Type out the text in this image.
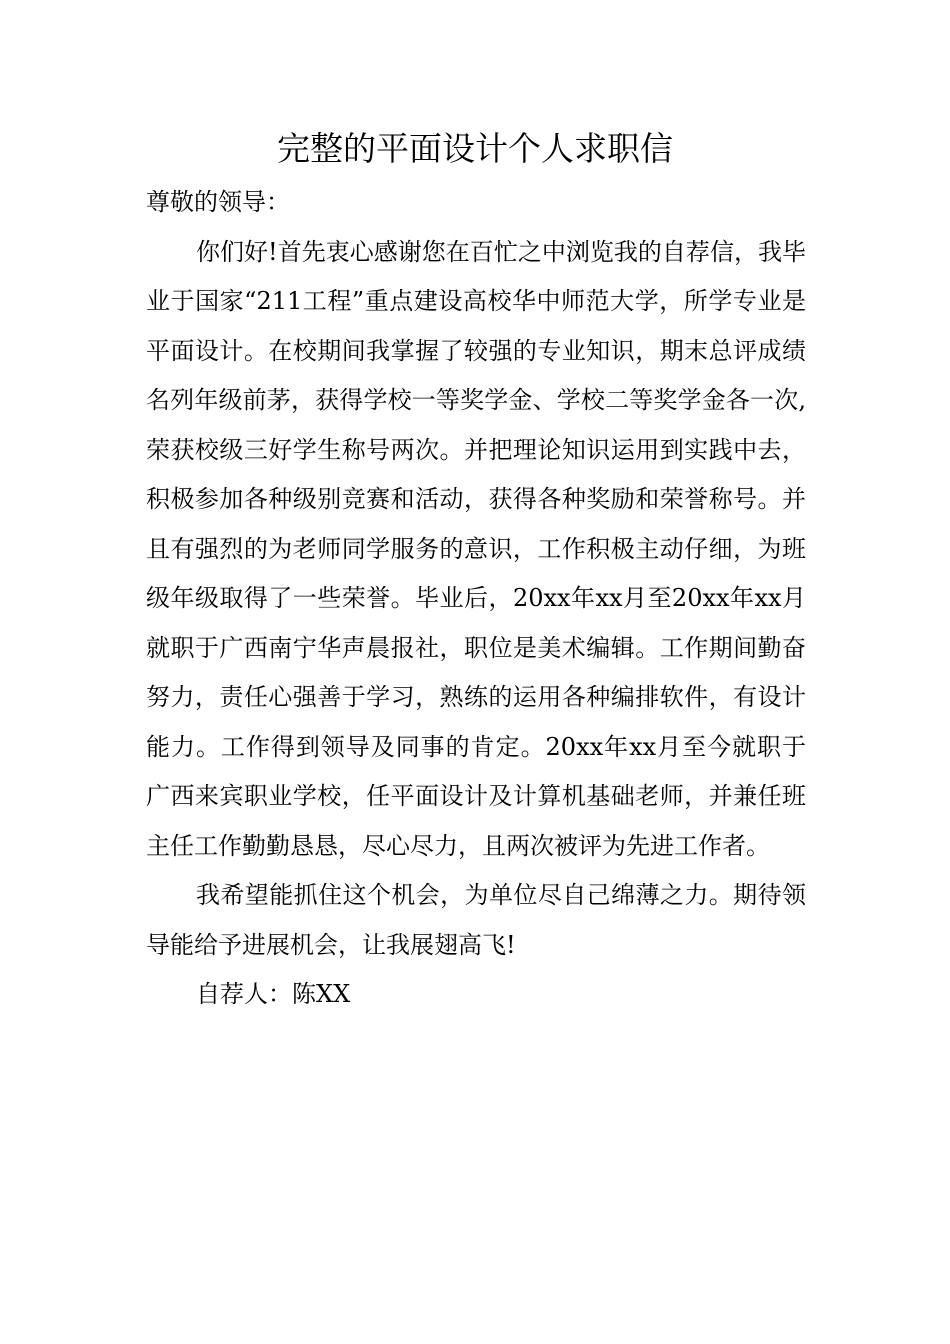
完整的平面设计个人求职信

尊敬的领导：

你们好!首先衷心感谢您在百忙之中浏览我的自荐信，我毕业于国家“211工程”重点建设高校华中师范大学，所学专业是平面设计。在校期间我掌握了较强的专业知识，期末总评成绩名列年级前茅，获得学校一等奖学金、学校二等奖学金各一次,荣获校级三好学生称号两次。并把理论知识运用到实践中去，积极参加各种级别竞赛和活动，获得各种奖励和荣誉称号。并且有强烈的为老师同学服务的意识，工作积极主动仔细，为班级年级取得了一些荣誉。毕业后，20xx年xx月至20xx年xx月就职于广西南宁华声晨报社，职位是美术编辑。工作期间勤奋努力，责任心强善于学习，熟练的运用各种编排软件，有设计能力。工作得到领导及同事的肯定。20xx年xx月至今就职于广西来宾职业学校，任平面设计及计算机基础老师，并兼任班主任工作勤勤恳恳，尽心尽力，且两次被评为先进工作者。

我希望能抓住这个机会，为单位尽自己绵薄之力。期待领导能给予进展机会，让我展翅高飞!

自荐人：陈XX
